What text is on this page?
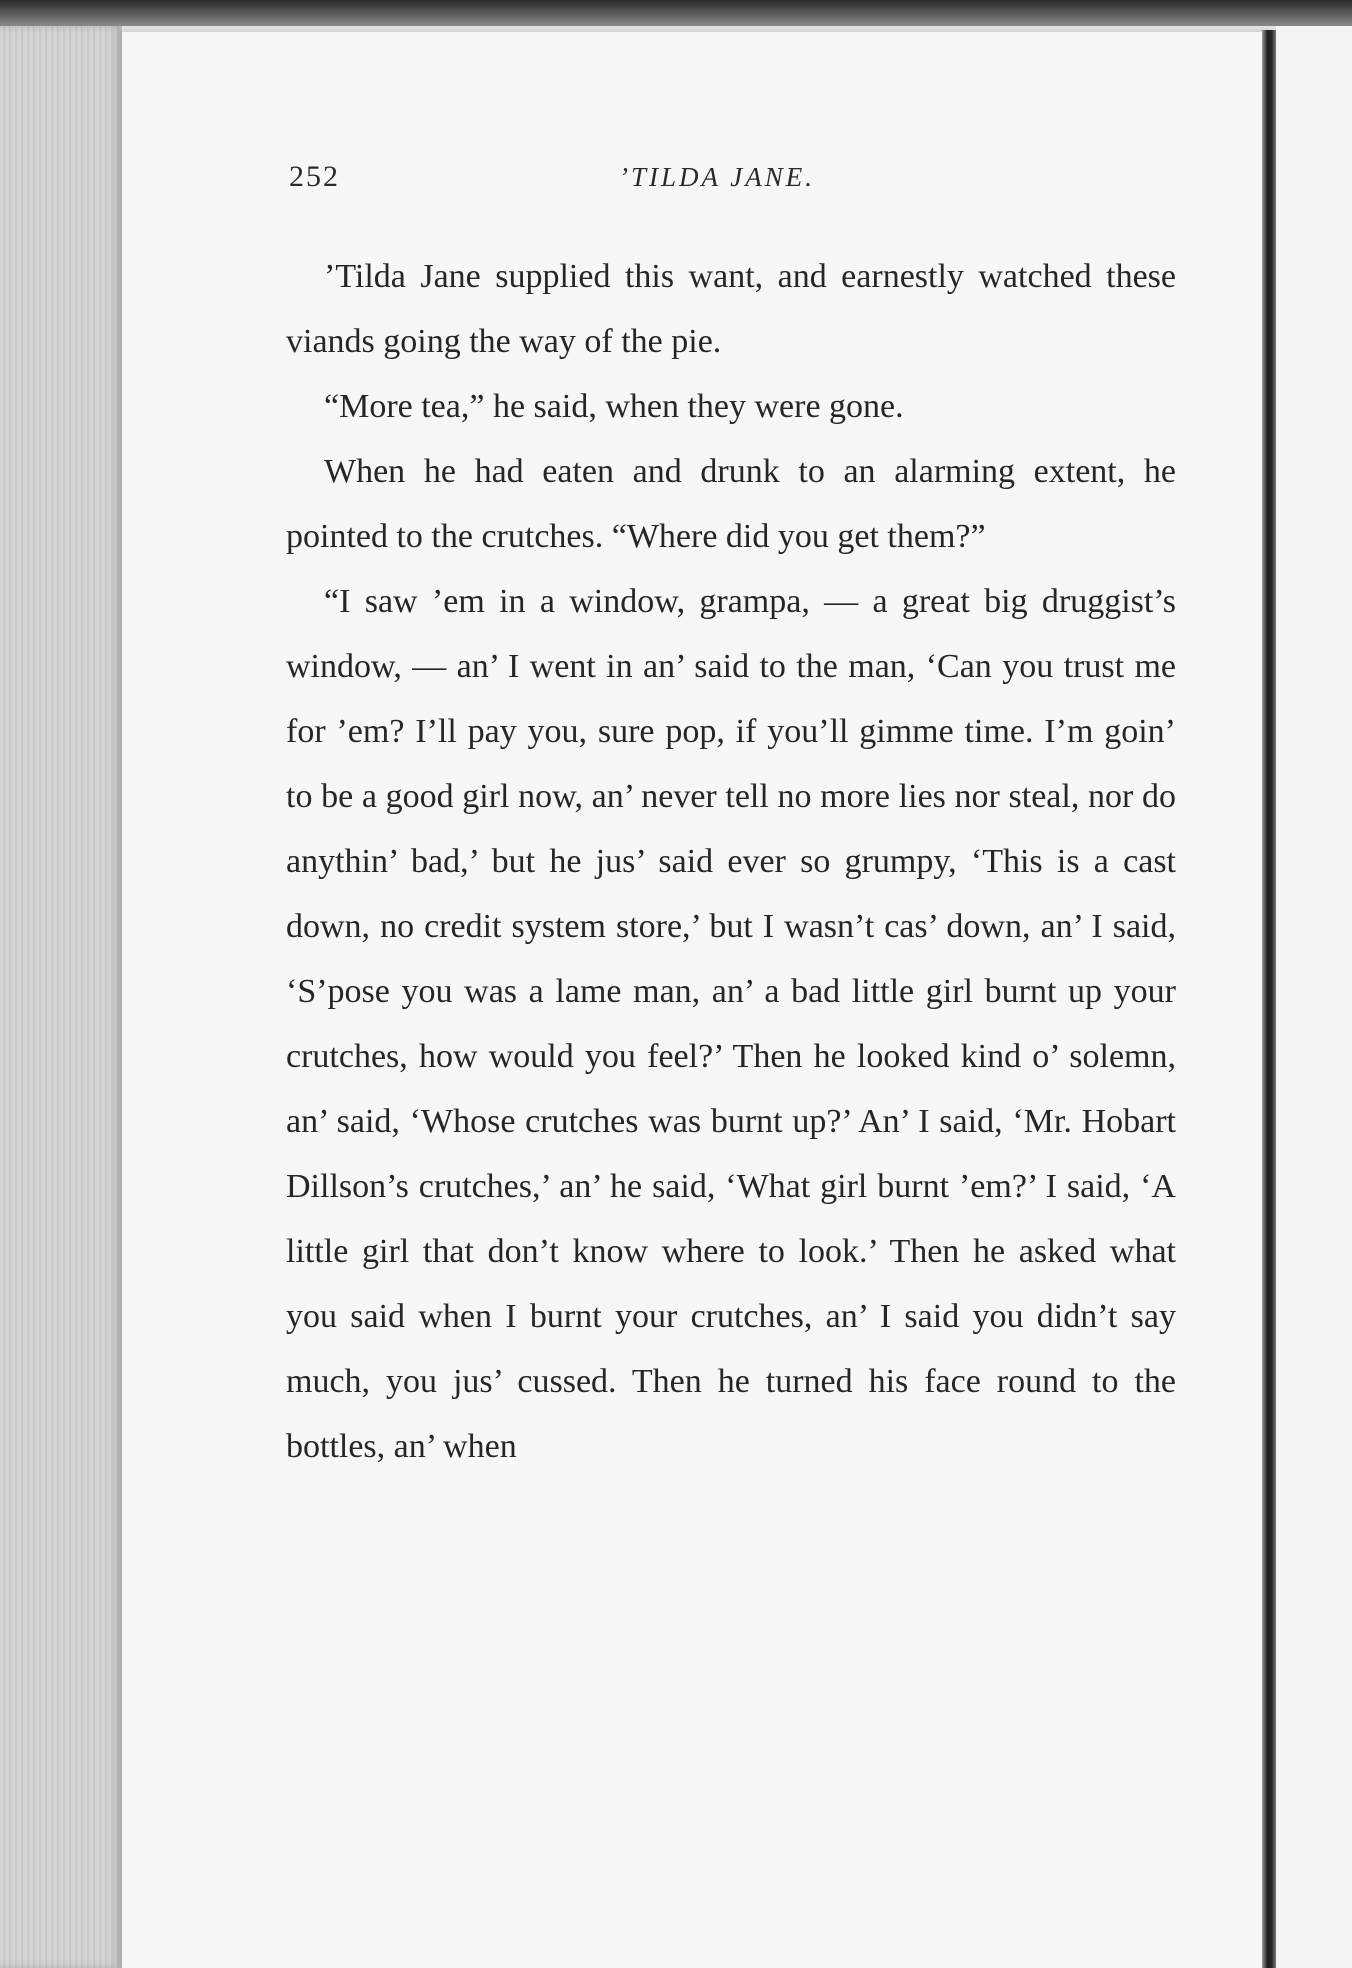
252	’TILDA JANE.

’Tilda Jane supplied this want, and earnestly watched these viands going the way of the pie.

“More tea,” he said, when they were gone.

When he had eaten and drunk to an alarming extent, he pointed to the crutches. “Where did you get them?”

“I saw ’em in a window, grampa, — a great big druggist’s window, — an’ I went in an’ said to the man, ‘Can you trust me for ’em? I’ll pay you, sure pop, if you’ll gimme time. I’m goin’ to be a good girl now, an’ never tell no more lies nor steal, nor do anythin’ bad,’ but he jus’ said ever so grumpy, ‘This is a cast down, no credit system store,’ but I wasn’t cas’ down, an’ I said, ‘S’pose you was a lame man, an’ a bad little girl burnt up your crutches, how would you feel?’ Then he looked kind o’ solemn, an’ said, ‘Whose crutches was burnt up?’ An’ I said, ‘Mr. Hobart Dillson’s crutches,’ an’ he said, ‘What girl burnt ’em?’ I said, ‘A little girl that don’t know where to look.’ Then he asked what you said when I burnt your crutches, an’ I said you didn’t say much, you jus’ cussed. Then he turned his face round to the bottles, an’ when
